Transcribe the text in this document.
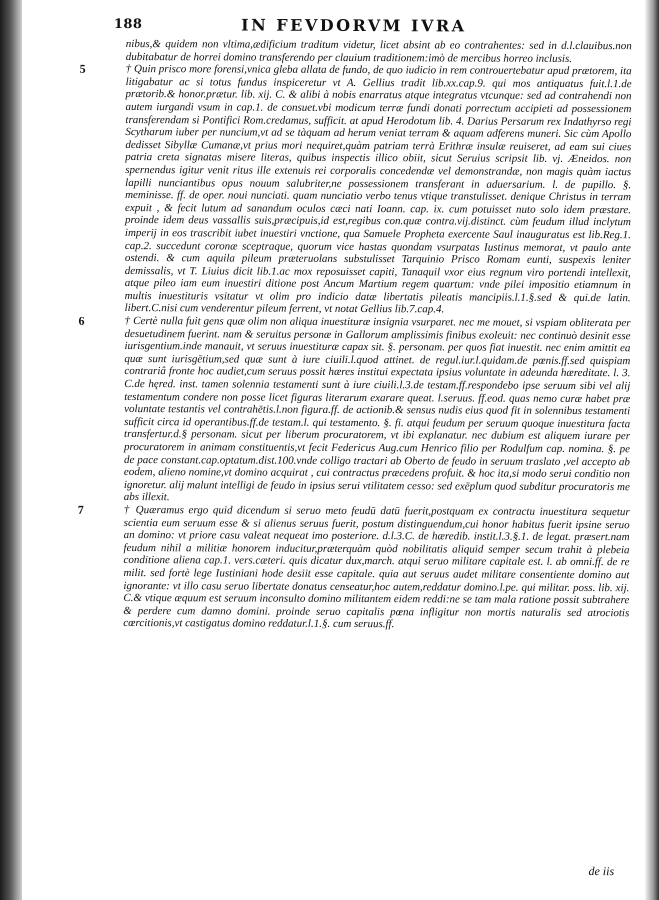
188	IN FEVDORVM IVRA

nibus,& quidem non vltima,ædificium traditum videtur, licet absint ab eo contrahentes: sed in d.l.clauibus.non dubitabatur de horrei domino transferendo per clauium traditionem:imò de mercibus horreo inclusis.

5	† Quin prisco more forensi,vnica gleba allata de fundo, de quo iudicio in rem controuertebatur apud prætorem, ita litigabatur ac si totus fundus inspiceretur vt A. Gellius tradit lib.xx.cap.9. qui mos antiquatus fuit.l.1.de prætorib.& honor.prætur. lib. xij. C. & alibi à nobis enarratus atque integratus vtcunque: sed ad contrahendi non autem iurgandi vsum in cap.1. de consuet.vbi modicum terræ fundi donati porrectum accipieti ad possessionem transferendam si Pontifici Rom.credamus, sufficit. at apud Herodotum lib. 4. Darius Persarum rex Indathyrso regi Scytharum iuber per nuncium,vt ad se tàquam ad herum veniat terram & aquam adferens muneri. Sic cùm Apollo dedisset Sibyllæ Cumanæ,vt prius mori nequiret,quàm patriam terrà Erithræ insulæ reuiseret, ad eam sui ciues patria creta signatas misere literas, quibus inspectis illico obiit, sicut Seruius scripsit lib. vj. Æneidos. non spernendus igitur venit ritus ille extenuis rei corporalis concedendæ vel demonstrandæ, non magis quàm iactus lapilli nunciantibus opus nouum salubriter,ne possessionem transferant in aduersarium. l. de pupillo. §. meminisse. ff. de oper. noui nunciati. quam nunciatio verbo tenus vtique transtulisset. denique Christus in terram expuit , & fecit lutum ad sanandum oculos cæci nati Ioann. cap. ix. cum potuisset nuto solo idem præstare. proinde idem deus vassallis suis,præcipuis,id est,regibus con.quæ contra.vij.distinct. cùm feudum illud inclytum imperij in eos trascribit iubet inuestiri vnctione, qua Samuele Propheta exercente Saul inauguratus est lib.Reg.1. cap.2. succedunt coronæ sceptraque, quorum vice hastas quondam vsurpatas Iustinus memorat, vt paulo ante ostendi. & cum aquila pileum præteruolans substulisset Tarquinio Prisco Romam eunti, suspexis leniter demissalis, vt T. Liuius dicit lib.1.ac mox reposuisset capiti, Tanaquil vxor eius regnum viro portendi intellexit, atque pileo iam eum inuestiri ditione post Ancum Martium regem quartum: vnde pilei impositio etiamnum in multis inuestituris vsitatur vt olim pro indicio datæ libertatis pileatis mancipiis.l.1.§.sed & qui.de latin. libert.C.nisi cum venderentur pileum ferrent, vt notat Gellius lib.7.cap.4.

6	† Certè nulla fuit gens quæ olim non aliqua inuestituræ insignia vsurparet. nec me mouet, si vspiam obliterata per desuetudinem fuerint. nam & seruitus personæ in Gallorum amplissimis finibus exoleuit: nec continuò desinit esse iurisgentium.inde manauit, vt seruus inuestituræ capax sit. §. personam. per quos fiat inuestit. nec enim amittit ea quæ sunt iurisgētium,sed quæ sunt à iure ciuili.l.quod attinet. de regul.iur.l.quidam.de pœnis.ff.sed quispiam contrariâ fronte hoc audiet,cum seruus possit hæres institui expectata ipsius voluntate in adeunda hæreditate. l. 3. C.de hęred. inst. tamen solennia testamenti sunt à iure ciuili.l.3.de testam.ff.respondebo ipse seruum sibi vel alij testamentum condere non posse licet figuras literarum exarare queat. l.seruus. ff.eod. quas nemo curæ habet præ voluntate testantis vel contrahētis.l.non figura.ff. de actionib.& sensus nudis eius quod fit in solennibus testamenti sufficit circa id operantibus.ff.de testam.l. qui testamento. §. fi. atqui feudum per seruum quoque inuestitura facta transfertur.d.§ personam. sicut per liberum procuratorem, vt ibi explanatur. nec dubium est aliquem iurare per procuratorem in animam constituentis,vt fecit Federicus Aug.cum Henrico filio per Rodulfum cap. nomina. §. pe de pace constant.cap.optatum.dist.100.vnde colligo tractari ab Oberto de feudo in seruum traslato ,vel accepto ab eodem, alieno nomine,vt domino acquirat , cui contractus præcedens profuit. & hoc ita,si modo serui conditio non ignoretur. alij malunt intelligi de feudo in ipsius serui vtilitatem cesso: sed exēplum quod subditur procuratoris me abs illexit.

7	† Quæramus ergo quid dicendum si seruo meto feudū datū fuerit,postquam ex contractu inuestitura sequetur scientia eum seruum esse & si alienus seruus fuerit, postum distinguendum,cui honor habitus fuerit ipsine seruo an domino: vt priore casu valeat nequeat imo posteriore. d.l.3.C. de hæredib. instit.l.3.§.1. de legat. præsert.nam feudum nihil a militiæ honorem inducitur,præterquàm quòd nobilitatis aliquid semper secum trahit à plebeia conditione aliena cap.1. vers.cæteri. quis dicatur dux,march. atqui seruo militare capitale est. l. ab omni.ff. de re milit. sed fortè lege Iustiniani hode desiit esse capitale. quia aut seruus audet militare consentiente domino aut ignorante: vt illo casu seruo libertate donatus censeatur,hoc autem,reddatur domino.l.pe. qui militar. poss. lib. xij. C.& vtique æquum est seruum inconsulto domino militantem eidem reddi:ne se tam mala ratione possit subtrahere & perdere cum damno domini. proinde seruo capitalis pœna infligitur non mortis naturalis sed atrociotis cœrcitionis,vt castigatus domino reddatur.l.1.§. cum seruus.ff.

de iis
